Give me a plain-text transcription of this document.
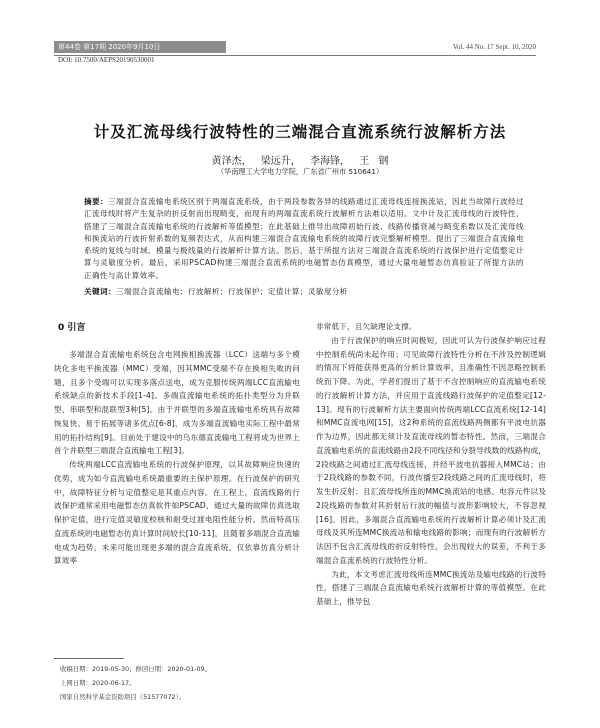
第44卷 第17期 2020年9月10日	Vol. 44 No. 17 Sept. 10, 2020
DOI: 10.7500/AEPS20190530001
计及汇流母线行波特性的三端混合直流系统行波解析方法
黄泽杰， 梁远升， 李海锋， 王 钢
（华南理工大学电力学院，广东省广州市 510641）
摘要：三端混合直流输电系统区别于两端直流系统，由于两段参数各异的线路通过汇流母线连接换流站，因此当故障行波经过汇流母线时将产生复杂的折反射而出现畸变，而现有的两端直流系统行波解析方法难以适用。文中计及汇流母线的行波特性，搭建了三端混合直流输电系统的行波解析等值模型；在此基础上推导出故障初始行波、线路传播衰减与畸变系数以及汇流母线和换流站的行波折射系数的复频表达式，从而构建三端混合直流输电系统的故障行波完整解析模型。提出了三端混合直流输电系统的复线与时域、模量与极线量的行波解析计算方法。然后，基于所提方法对三端混合直流系统的行波保护进行定值整定计算与灵敏度分析。最后，采用PSCAD构建三端混合直流系统的电磁暂态仿真模型，通过大量电磁暂态仿真验证了所提方法的正确性与高计算效率。
关键词：三端混合直流输电；行波解析；行波保护；定值计算；灵敏度分析
0 引言

多端混合直流输电系统包含电网换相换流器（LCC）送端与多个模块化多电平换流器（MMC）受端，因其MMC受端不存在换相失败的问题，且多个受端可以实现多落点送电，成为克服传统两端LCC直流输电系统缺点的新技术手段[1-4]。多端直流输电系统的拓扑类型分为并联型、串联型和混联型3种[5]。由于并联型的多端直流输电系统具有故障恢复快、易于拓展等诸多优点[6-8]，成为多端直流输电实际工程中最常用的拓扑结构[9]。目前处于建设中的乌东德直流输电工程将成为世界上首个并联型三端混合直流输电工程[3]。

传统两端LCC直流输电系统的行波保护原理，以其故障响应快速的优势，成为如今直流输电系统最重要的主保护原理。在行波保护的研究中，故障特征分析与定值整定是其重点内容。在工程上，直流线路的行波保护通常采用电磁暂态仿真软件如PSCAD，通过大量的故障仿真选取保护定值，进行定值灵敏度校核和耐受过渡电阻性能分析。然而特高压直流系统的电磁暂态仿真计算时间较长[10-11]，且随着多端混合直流输电成为趋势，未来可能出现更多端的混合直流系统，仅依靠仿真分析计算效率

非常低下，且欠缺理论支撑。

由于行波保护的响应时间极短，因此可认为行波保护响应过程中控制系统尚未起作用；可见故障行波特性分析在不涉及控制逻辑的情况下将能获得更高的分析计算效率，且准确性不因忽略控制系统而下降。为此，学者们提出了基于不含控制响应的直流输电系统的行波解析计算方法，并应用于直流线路行波保护的定值整定[12-13]。现有的行波解析方法主要面向传统两端LCC直流系统[12-14]和MMC直流电网[15]，这2种系统的直流线路两侧都有平波电抗器作为边界，因此都无须计及直流母线的暂态特性。然而，三端混合直流输电系统的直流线路由2段不同线径和分裂导线数的线路构成，2段线路之间通过汇流母线连接，并经平波电抗器接入MMC站；由于2段线路的参数不同，行波传播至2段线路之间的汇流母线时，将发生折反射；且汇流母线所连的MMC换流站的电感、电容元件以及2段线路的参数对其折射后行波的幅值与波形影响较大，不容忽视[16]。因此，多端混合直流输电系统的行波解析计算必须计及汇流母线及其所连MMC换流站和输电线路的影响；而现有的行波解析方法因不包含汇流母线的折反射特性，会出现较大的误差，不利于多端混合直流系统的行波特性分析。

为此，本文考虑汇流母线所连MMC换流站及输电线路的行波特性，搭建了三端混合直流输电系统行波解析计算的等值模型。在此基础上，推导包

收稿日期：2019-05-30；修回日期：2020-01-09。
上网日期：2020-06-17。
国家自然科学基金资助项目（51577072）。
